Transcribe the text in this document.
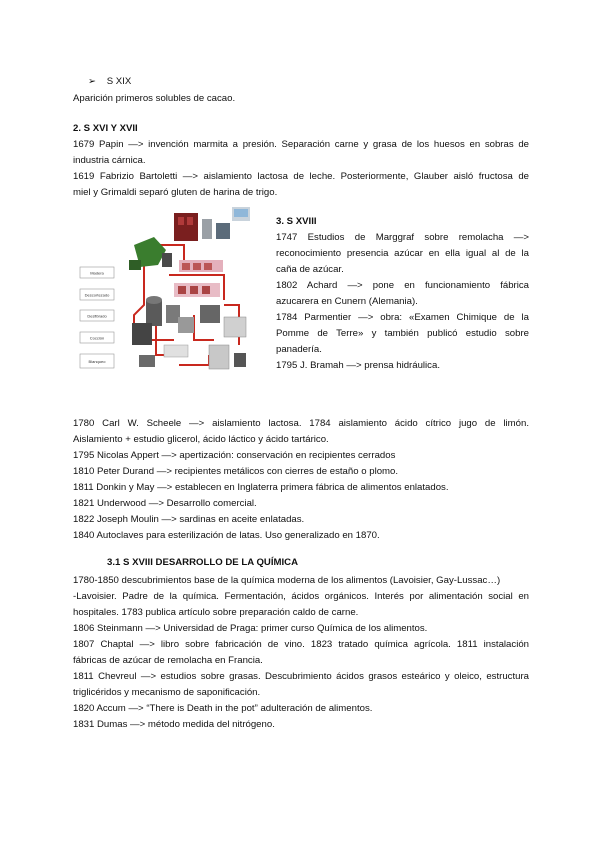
➢ S XIX
Aparición primeros solubles de cacao.
2. S XVI Y XVII
1679 Papin —> invención marmita a presión. Separación carne y grasa de los huesos en sobras de
industria cárnica.
1619 Fabrizio Bartoletti —> aislamiento lactosa de leche. Posteriormente, Glauber aisló fructosa de
miel y Grimaldi separó gluten de harina de trigo.
Madera
Descortezado
Desfibrado
Cocción
Blanqueo
3. S XVIII
1747 Estudios de Marggraf sobre remolacha —>
reconocimiento presencia azúcar en ella igual al de la
caña de azúcar.
1802 Achard —> pone en funcionamiento fábrica
azucarera en Cunern (Alemania).
1784 Parmentier —> obra: «Examen Chimique de la
Pomme de Terre» y también publicó estudio sobre
panadería.
1795 J. Bramah —> prensa hidráulica.
1780 Carl W. Scheele —> aislamiento lactosa. 1784 aislamiento ácido cítrico jugo de limón.
Aislamiento + estudio glicerol, ácido láctico y ácido tartárico.
1795 Nicolas Appert —> apertización: conservación en recipientes cerrados
1810 Peter Durand —> recipientes metálicos con cierres de estaño o plomo.
1811 Donkin y May —> establecen en Inglaterra primera fábrica de alimentos enlatados.
1821 Underwood —> Desarrollo comercial.
1822 Joseph Moulin —> sardinas en aceite enlatadas.
1840 Autoclaves para esterilización de latas. Uso generalizado en 1870.
3.1 S XVIII DESARROLLO DE LA QUÍMICA
1780-1850 descubrimientos base de la química moderna de los alimentos (Lavoisier, Gay-Lussac…)
-Lavoisier. Padre de la química. Fermentación, ácidos orgánicos. Interés por alimentación social en
hospitales. 1783 publica artículo sobre preparación caldo de carne.
1806 Steinmann —> Universidad de Praga: primer curso Química de los alimentos.
1807 Chaptal —> libro sobre fabricación de vino. 1823 tratado química agrícola. 1811 instalación
fábricas de azúcar de remolacha en Francia.
1811 Chevreul —> estudios sobre grasas. Descubrimiento ácidos grasos esteárico y oleico, estructura
triglicéridos y mecanismo de saponificación.
1820 Accum —> “There is Death in the pot” adulteración de alimentos.
1831 Dumas —> método medida del nitrógeno.
